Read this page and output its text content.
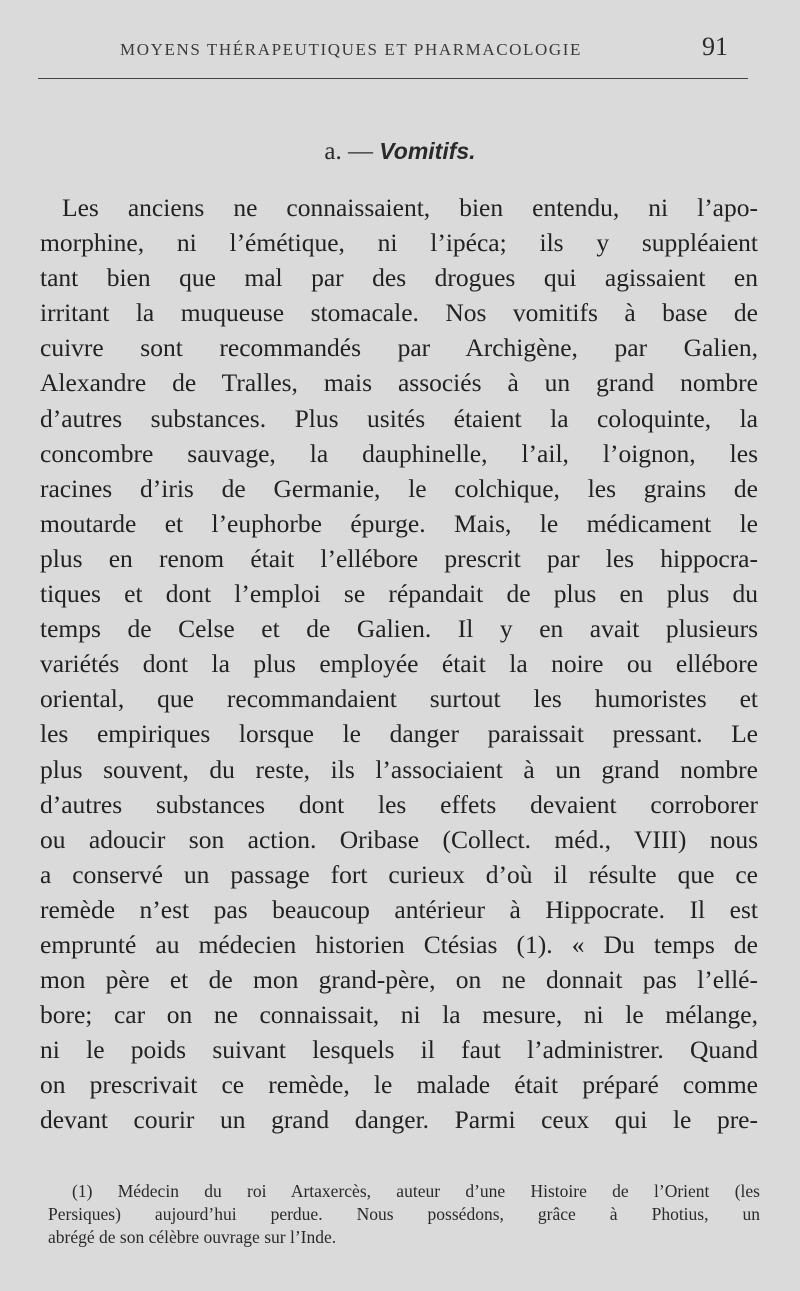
MOYENS THÉRAPEUTIQUES ET PHARMACOLOGIE	91
a. — Vomitifs.
Les anciens ne connaissaient, bien entendu, ni l’apo-
morphine, ni l’émétique, ni l’ipéca; ils y suppléaient
tant bien que mal par des drogues qui agissaient en
irritant la muqueuse stomacale. Nos vomitifs à base de
cuivre sont recommandés par Archigène, par Galien,
Alexandre de Tralles, mais associés à un grand nombre
d’autres substances. Plus usités étaient la coloquinte, la
concombre sauvage, la dauphinelle, l’ail, l’oignon, les
racines d’iris de Germanie, le colchique, les grains de
moutarde et l’euphorbe épurge. Mais, le médicament le
plus en renom était l’ellébore prescrit par les hippocra-
tiques et dont l’emploi se répandait de plus en plus du
temps de Celse et de Galien. Il y en avait plusieurs
variétés dont la plus employée était la noire ou ellébore
oriental, que recommandaient surtout les humoristes et
les empiriques lorsque le danger paraissait pressant. Le
plus souvent, du reste, ils l’associaient à un grand nombre
d’autres substances dont les effets devaient corroborer
ou adoucir son action. Oribase (Collect. méd., VIII) nous
a conservé un passage fort curieux d’où il résulte que ce
remède n’est pas beaucoup antérieur à Hippocrate. Il est
emprunté au médecien historien Ctésias (1). « Du temps de
mon père et de mon grand-père, on ne donnait pas l’ellé-
bore; car on ne connaissait, ni la mesure, ni le mélange,
ni le poids suivant lesquels il faut l’administrer. Quand
on prescrivait ce remède, le malade était préparé comme
devant courir un grand danger. Parmi ceux qui le pre-
(1) Médecin du roi Artaxercès, auteur d’une Histoire de l’Orient (les
Persiques) aujourd’hui perdue. Nous possédons, grâce à Photius, un
abrégé de son célèbre ouvrage sur l’Inde.
